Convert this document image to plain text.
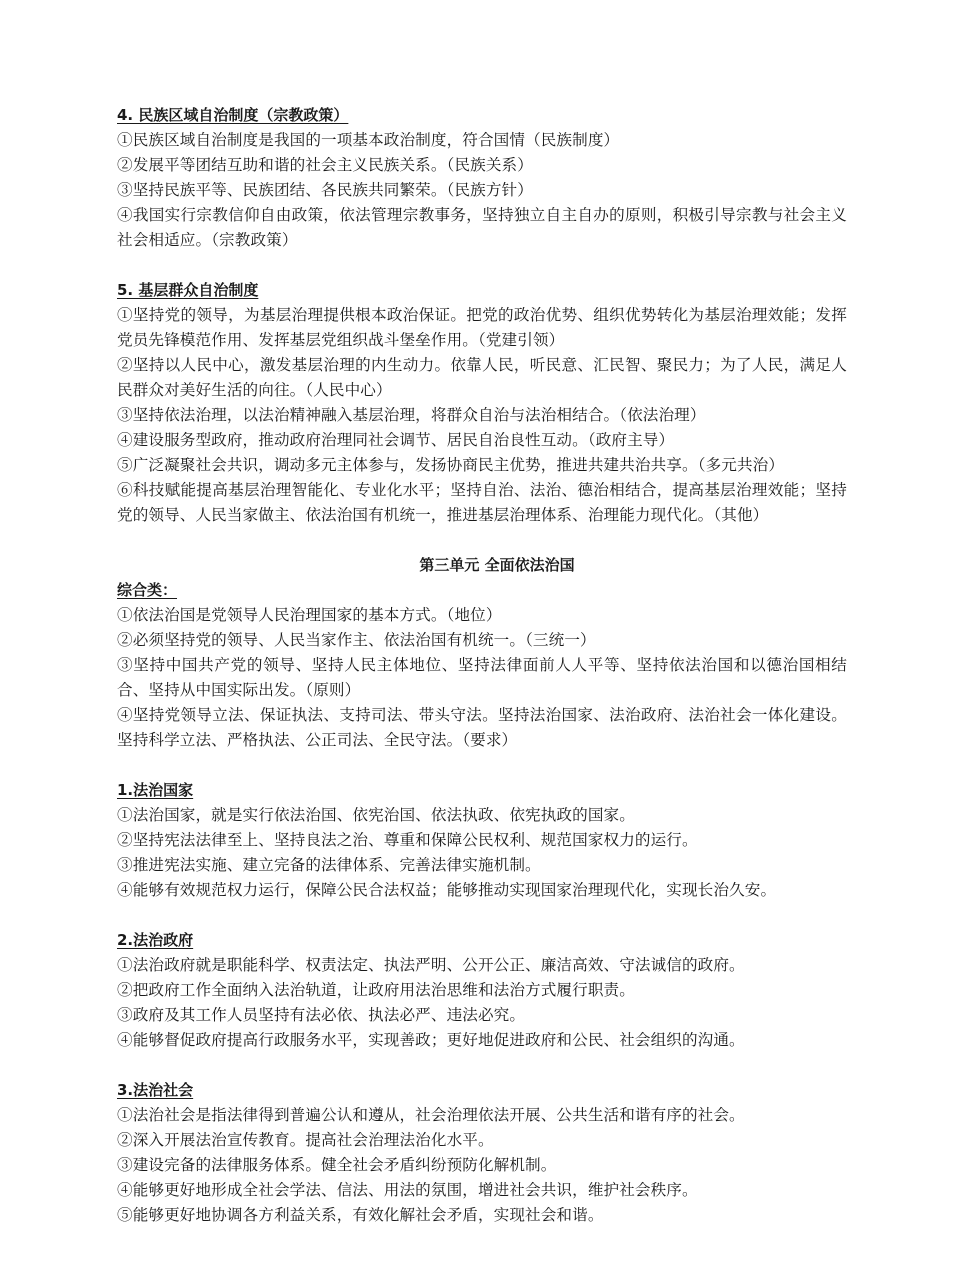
4. 民族区域自治制度（宗教政策）
①民族区域自治制度是我国的一项基本政治制度，符合国情（民族制度）
②发展平等团结互助和谐的社会主义民族关系。（民族关系）
③坚持民族平等、民族团结、各民族共同繁荣。（民族方针）
④我国实行宗教信仰自由政策，依法管理宗教事务，坚持独立自主自办的原则，积极引导宗教与社会主义社会相适应。（宗教政策）
5. 基层群众自治制度
①坚持党的领导，为基层治理提供根本政治保证。把党的政治优势、组织优势转化为基层治理效能；发挥党员先锋模范作用、发挥基层党组织战斗堡垒作用。（党建引领）
②坚持以人民中心，激发基层治理的内生动力。依靠人民，听民意、汇民智、聚民力；为了人民，满足人民群众对美好生活的向往。（人民中心）
③坚持依法治理，以法治精神融入基层治理，将群众自治与法治相结合。（依法治理）
④建设服务型政府，推动政府治理同社会调节、居民自治良性互动。（政府主导）
⑤广泛凝聚社会共识，调动多元主体参与，发扬协商民主优势，推进共建共治共享。（多元共治）
⑥科技赋能提高基层治理智能化、专业化水平；坚持自治、法治、德治相结合，提高基层治理效能；坚持党的领导、人民当家做主、依法治国有机统一，推进基层治理体系、治理能力现代化。（其他）
第三单元 全面依法治国
综合类：
①依法治国是党领导人民治理国家的基本方式。（地位）
②必须坚持党的领导、人民当家作主、依法治国有机统一。（三统一）
③坚持中国共产党的领导、坚持人民主体地位、坚持法律面前人人平等、坚持依法治国和以德治国相结合、坚持从中国实际出发。（原则）
④坚持党领导立法、保证执法、支持司法、带头守法。坚持法治国家、法治政府、法治社会一体化建设。坚持科学立法、严格执法、公正司法、全民守法。（要求）
1.法治国家
①法治国家，就是实行依法治国、依宪治国、依法执政、依宪执政的国家。
②坚持宪法法律至上、坚持良法之治、尊重和保障公民权利、规范国家权力的运行。
③推进宪法实施、建立完备的法律体系、完善法律实施机制。
④能够有效规范权力运行，保障公民合法权益；能够推动实现国家治理现代化，实现长治久安。
2.法治政府
①法治政府就是职能科学、权责法定、执法严明、公开公正、廉洁高效、守法诚信的政府。
②把政府工作全面纳入法治轨道，让政府用法治思维和法治方式履行职责。
③政府及其工作人员坚持有法必依、执法必严、违法必究。
④能够督促政府提高行政服务水平，实现善政；更好地促进政府和公民、社会组织的沟通。
3.法治社会
①法治社会是指法律得到普遍公认和遵从，社会治理依法开展、公共生活和谐有序的社会。
②深入开展法治宣传教育。提高社会治理法治化水平。
③建设完备的法律服务体系。健全社会矛盾纠纷预防化解机制。
④能够更好地形成全社会学法、信法、用法的氛围，增进社会共识，维护社会秩序。
⑤能够更好地协调各方利益关系，有效化解社会矛盾，实现社会和谐。
